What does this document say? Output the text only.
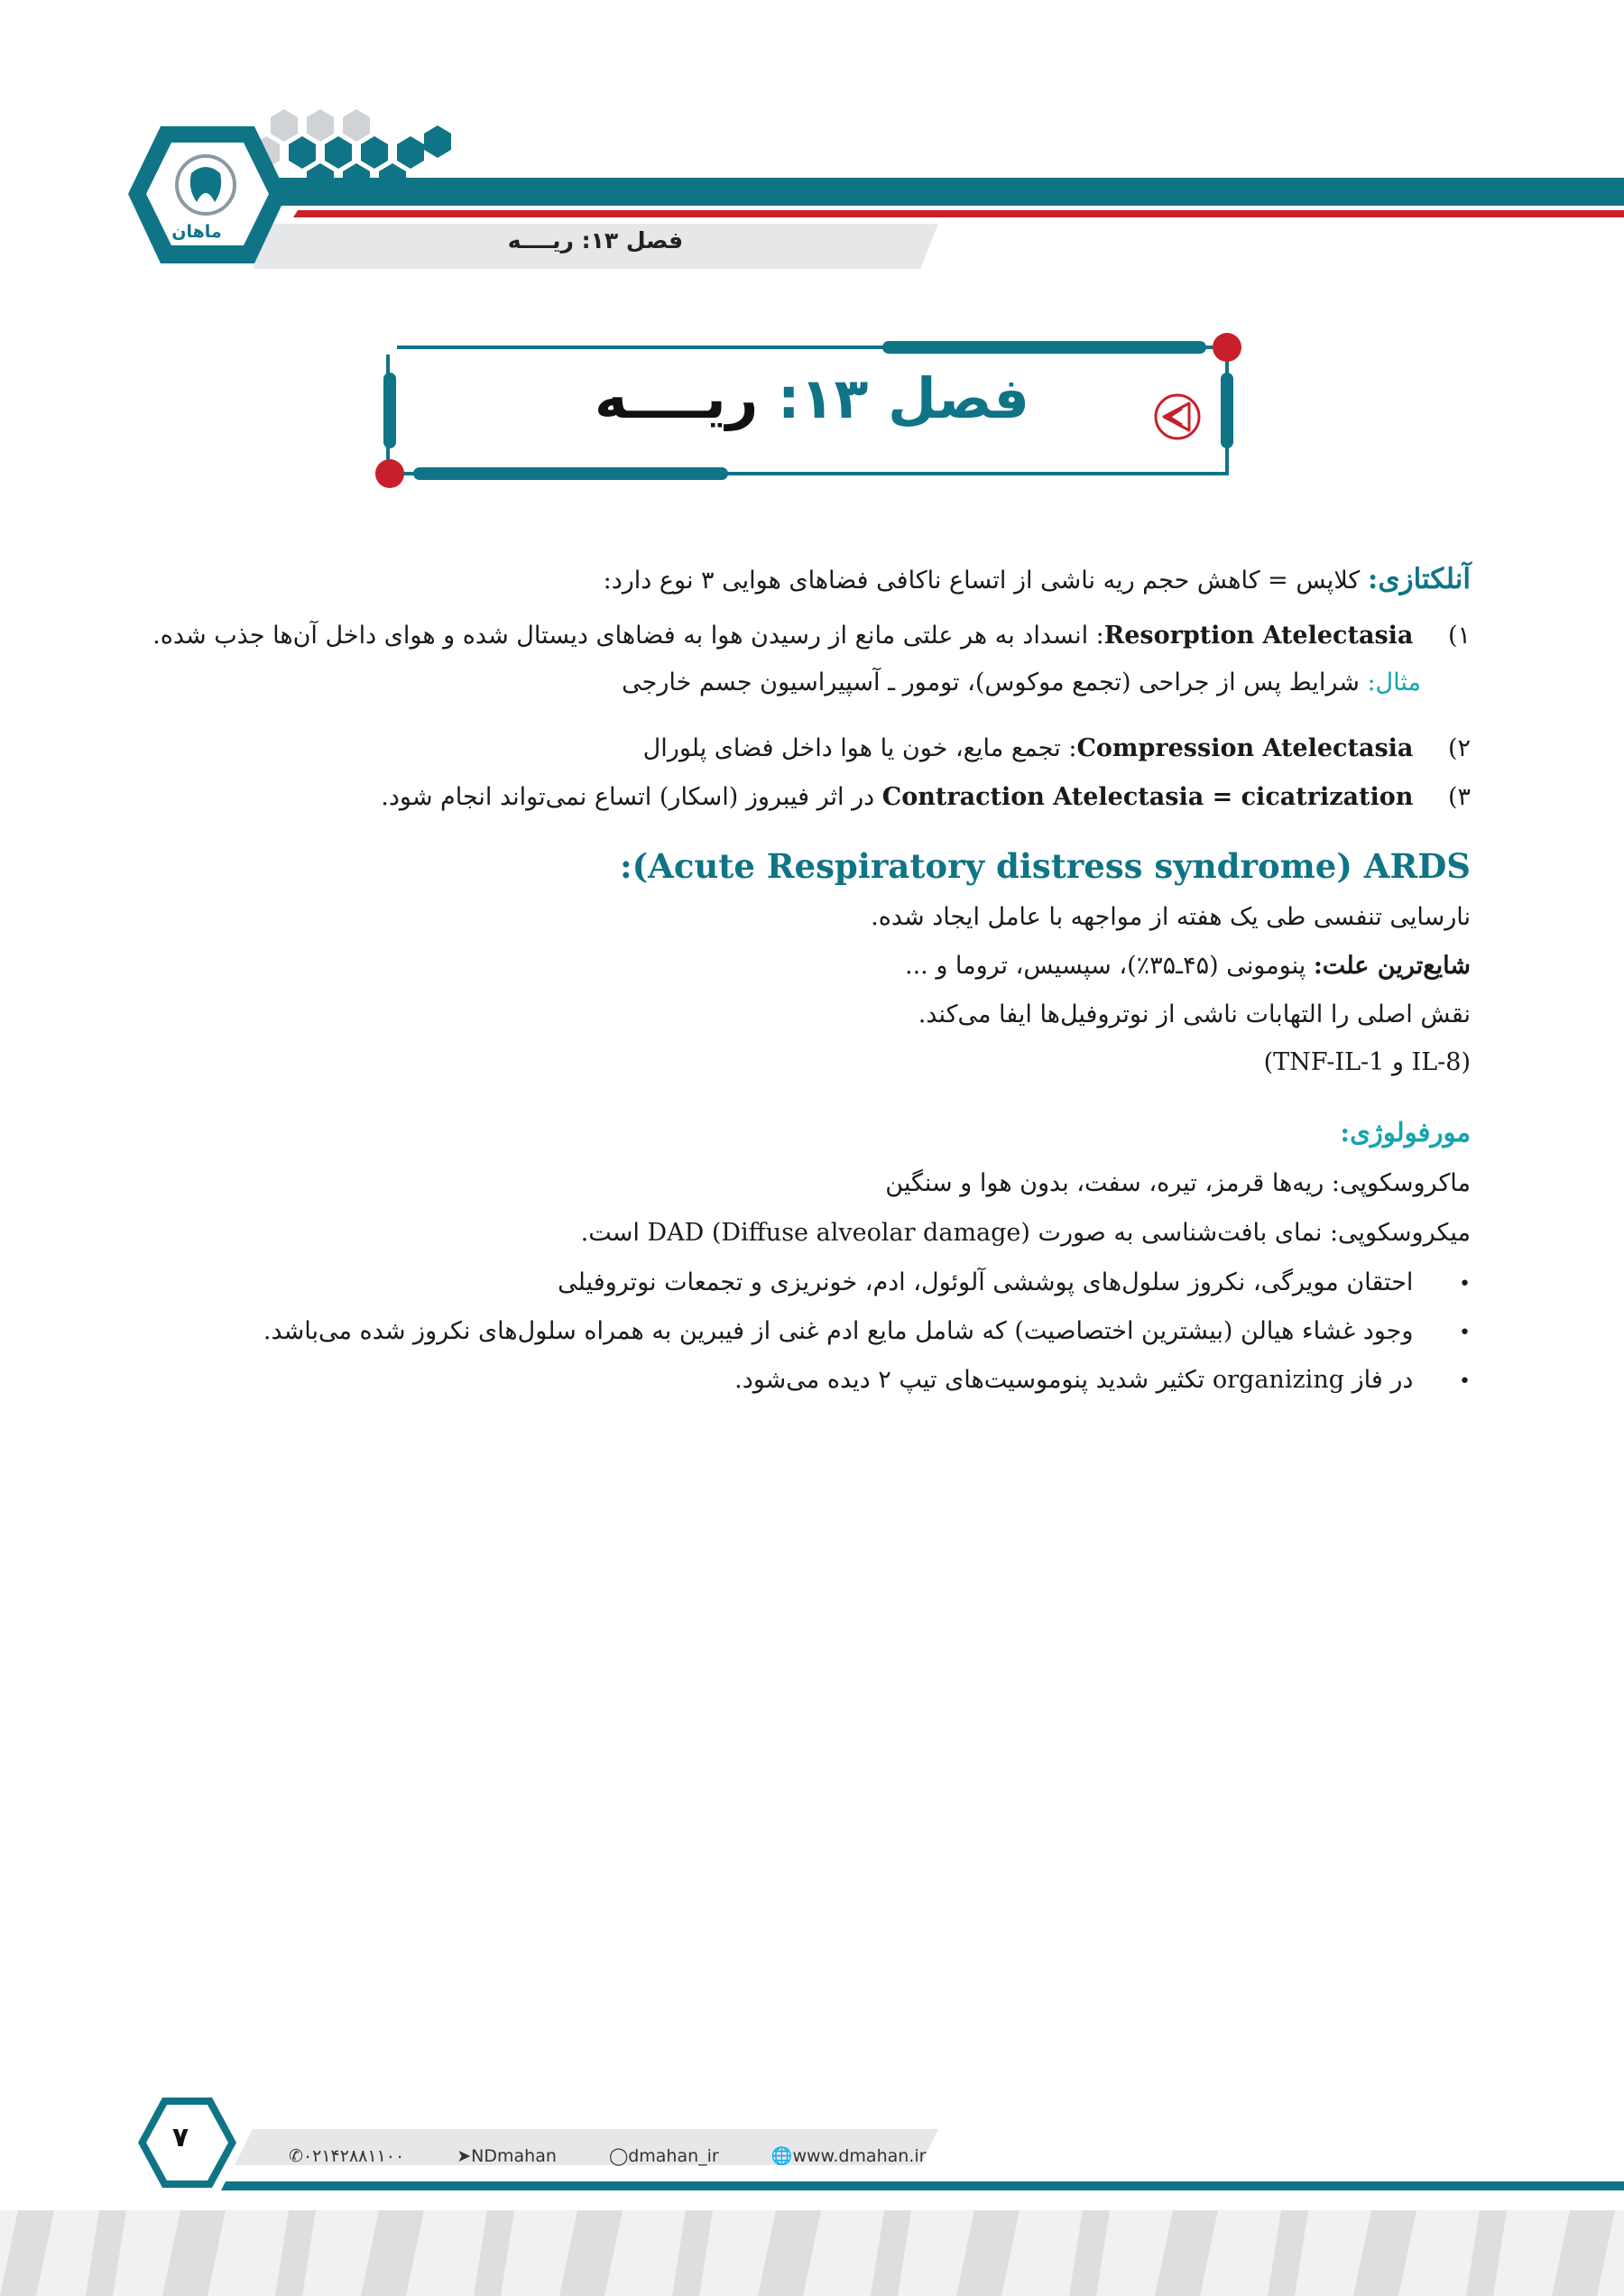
فصل ۱۳: ریــــه
ماهان
فصل ۱۳: ریــــه
آنلکتازی: کلاپس = کاهش حجم ریه ناشی از اتساع ناکافی فضاهای هوایی ۳ نوع دارد:
۱) Resorption Atelectasia: انسداد به هر علتی مانع از رسیدن هوا به فضاهای دیستال شده و هوای داخل آن‌ها جذب شده.
مثال: شرایط پس از جراحی (تجمع موکوس)، تومور ـ آسپیراسیون جسم خارجی
۲) Compression Atelectasia: تجمع مایع، خون یا هوا داخل فضای پلورال
۳) Contraction Atelectasia = cicatrization در اثر فیبروز (اسکار) اتساع نمی‌تواند انجام شود.
:(Acute Respiratory distress syndrome) ARDS
نارسایی تنفسی طی یک هفته از مواجهه با عامل ایجاد شده.
شایع‌ترین علت: پنومونی (۴۵ـ۳۵٪)، سپسیس، تروما و ...
نقش اصلی را التهابات ناشی از نوتروفیل‌ها ایفا می‌کند.
(IL-8 و TNF-IL-1)
مورفولوژی:
ماکروسکوپی: ریه‌ها قرمز، تیره، سفت، بدون هوا و سنگین
میکروسکوپی: نمای بافت‌شناسی به صورت DAD (Diffuse alveolar damage) است.
• احتقان مویرگی، نکروز سلول‌های پوششی آلوئول، ادم، خونریزی و تجمعات نوتروفیلی
• وجود غشاء هیالن (بیشترین اختصاصیت) که شامل مایع ادم غنی از فیبرین به همراه سلول‌های نکروز شده می‌باشد.
• در فاز organizing تکثیر شدید پنوموسیت‌های تیپ ۲ دیده می‌شود.
۷
✆۰۲۱۴۲۸۸۱۱۰۰	➤NDmahan	◯dmahan_ir	🌐www.dmahan.ir
